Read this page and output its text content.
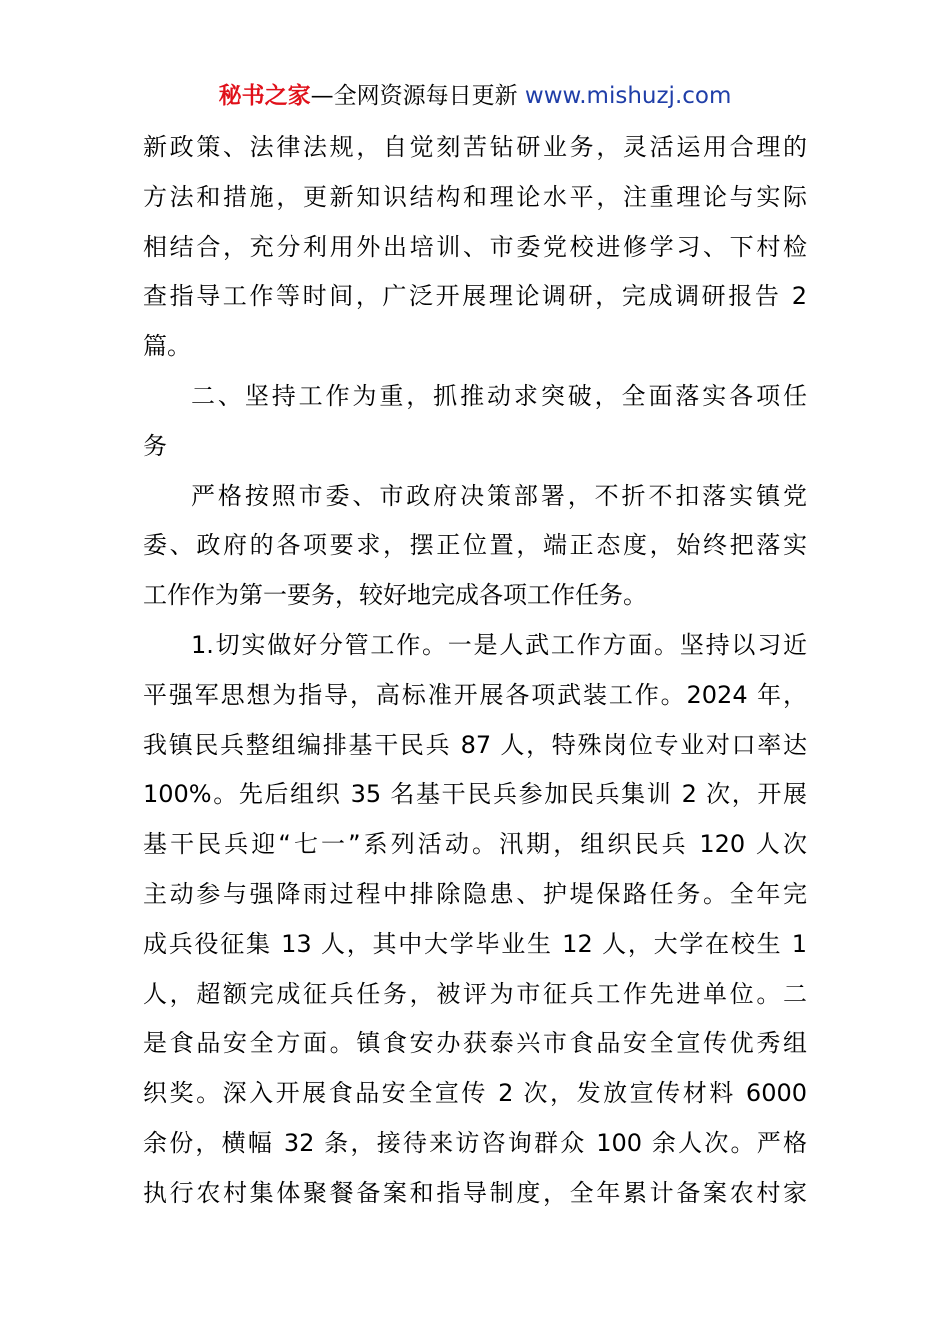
秘书之家—全网资源每日更新 www.mishuzj.com
新政策、法律法规，自觉刻苦钻研业务，灵活运用合理的
方法和措施，更新知识结构和理论水平，注重理论与实际
相结合，充分利用外出培训、市委党校进修学习、下村检
查指导工作等时间，广泛开展理论调研，完成调研报告 2
篇。
二、坚持工作为重，抓推动求突破，全面落实各项任
务
严格按照市委、市政府决策部署，不折不扣落实镇党
委、政府的各项要求，摆正位置，端正态度，始终把落实
工作作为第一要务，较好地完成各项工作任务。
1.切实做好分管工作。一是人武工作方面。坚持以习近
平强军思想为指导，高标准开展各项武装工作。2024 年，
我镇民兵整组编排基干民兵 87 人，特殊岗位专业对口率达
100%。先后组织 35 名基干民兵参加民兵集训 2 次，开展
基干民兵迎“七一”系列活动。汛期，组织民兵 120 人次
主动参与强降雨过程中排除隐患、护堤保路任务。全年完
成兵役征集 13 人，其中大学毕业生 12 人，大学在校生 1
人，超额完成征兵任务，被评为市征兵工作先进单位。二
是食品安全方面。镇食安办获泰兴市食品安全宣传优秀组
织奖。深入开展食品安全宣传 2 次，发放宣传材料 6000
余份，横幅 32 条，接待来访咨询群众 100 余人次。严格
执行农村集体聚餐备案和指导制度，全年累计备案农村家
